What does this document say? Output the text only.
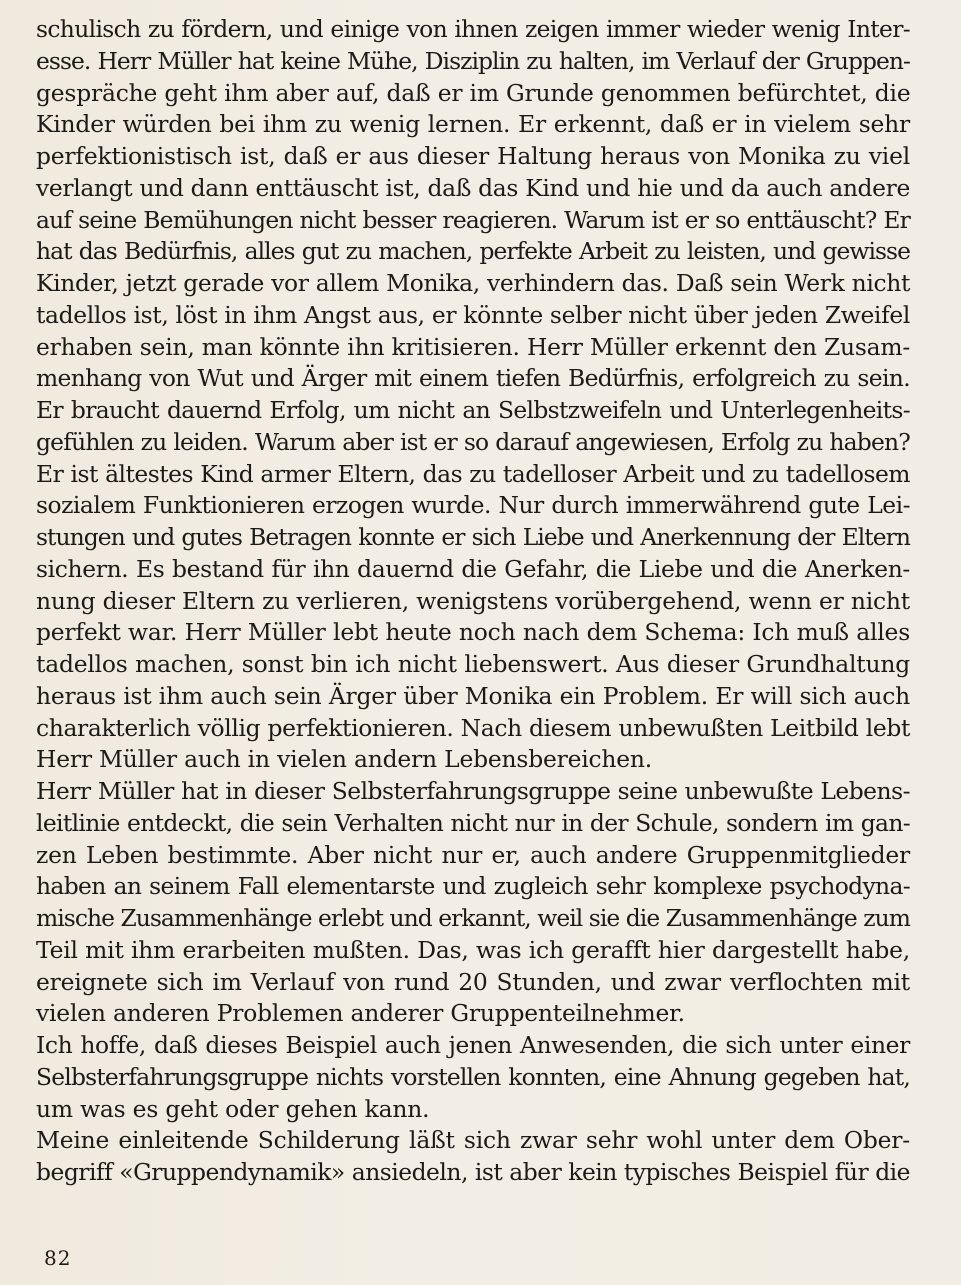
schulisch zu fördern, und einige von ihnen zeigen immer wieder wenig Inter-
esse. Herr Müller hat keine Mühe, Disziplin zu halten, im Verlauf der Gruppen-
gespräche geht ihm aber auf, daß er im Grunde genommen befürchtet, die
Kinder würden bei ihm zu wenig lernen. Er erkennt, daß er in vielem sehr
perfektionistisch ist, daß er aus dieser Haltung heraus von Monika zu viel
verlangt und dann enttäuscht ist, daß das Kind und hie und da auch andere
auf seine Bemühungen nicht besser reagieren. Warum ist er so enttäuscht? Er
hat das Bedürfnis, alles gut zu machen, perfekte Arbeit zu leisten, und gewisse
Kinder, jetzt gerade vor allem Monika, verhindern das. Daß sein Werk nicht
tadellos ist, löst in ihm Angst aus, er könnte selber nicht über jeden Zweifel
erhaben sein, man könnte ihn kritisieren. Herr Müller erkennt den Zusam-
menhang von Wut und Ärger mit einem tiefen Bedürfnis, erfolgreich zu sein.
Er braucht dauernd Erfolg, um nicht an Selbstzweifeln und Unterlegenheits-
gefühlen zu leiden. Warum aber ist er so darauf angewiesen, Erfolg zu haben?
Er ist ältestes Kind armer Eltern, das zu tadelloser Arbeit und zu tadellosem
sozialem Funktionieren erzogen wurde. Nur durch immerwährend gute Lei-
stungen und gutes Betragen konnte er sich Liebe und Anerkennung der Eltern
sichern. Es bestand für ihn dauernd die Gefahr, die Liebe und die Anerken-
nung dieser Eltern zu verlieren, wenigstens vorübergehend, wenn er nicht
perfekt war. Herr Müller lebt heute noch nach dem Schema: Ich muß alles
tadellos machen, sonst bin ich nicht liebenswert. Aus dieser Grundhaltung
heraus ist ihm auch sein Ärger über Monika ein Problem. Er will sich auch
charakterlich völlig perfektionieren. Nach diesem unbewußten Leitbild lebt
Herr Müller auch in vielen andern Lebensbereichen.
Herr Müller hat in dieser Selbsterfahrungsgruppe seine unbewußte Lebens-
leitlinie entdeckt, die sein Verhalten nicht nur in der Schule, sondern im gan-
zen Leben bestimmte. Aber nicht nur er, auch andere Gruppenmitglieder
haben an seinem Fall elementarste und zugleich sehr komplexe psychodyna-
mische Zusammenhänge erlebt und erkannt, weil sie die Zusammenhänge zum
Teil mit ihm erarbeiten mußten. Das, was ich gerafft hier dargestellt habe,
ereignete sich im Verlauf von rund 20 Stunden, und zwar verflochten mit
vielen anderen Problemen anderer Gruppenteilnehmer.
Ich hoffe, daß dieses Beispiel auch jenen Anwesenden, die sich unter einer
Selbsterfahrungsgruppe nichts vorstellen konnten, eine Ahnung gegeben hat,
um was es geht oder gehen kann.
Meine einleitende Schilderung läßt sich zwar sehr wohl unter dem Ober-
begriff «Gruppendynamik» ansiedeln, ist aber kein typisches Beispiel für die
82
